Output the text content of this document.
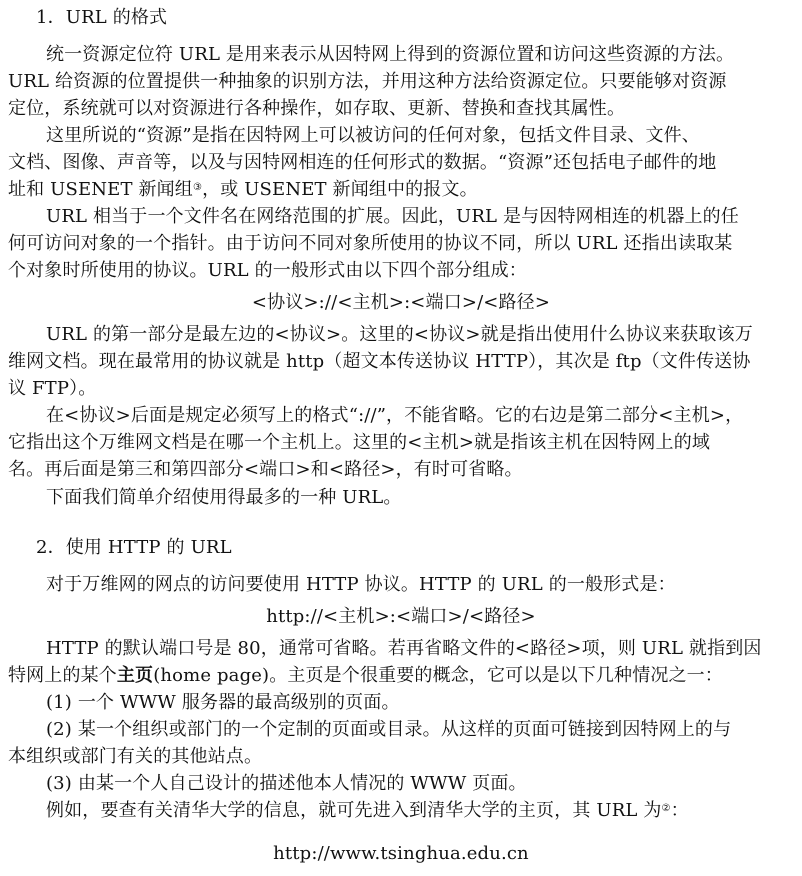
1．URL 的格式
统一资源定位符 URL 是用来表示从因特网上得到的资源位置和访问这些资源的方法。
URL 给资源的位置提供一种抽象的识别方法，并用这种方法给资源定位。只要能够对资源
定位，系统就可以对资源进行各种操作，如存取、更新、替换和查找其属性。
这里所说的“资源”是指在因特网上可以被访问的任何对象，包括文件目录、文件、
文档、图像、声音等，以及与因特网相连的任何形式的数据。“资源”还包括电子邮件的地
址和 USENET 新闻组③，或 USENET 新闻组中的报文。
URL 相当于一个文件名在网络范围的扩展。因此，URL 是与因特网相连的机器上的任
何可访问对象的一个指针。由于访问不同对象所使用的协议不同，所以 URL 还指出读取某
个对象时所使用的协议。URL 的一般形式由以下四个部分组成：
<协议>://<主机>:<端口>/<路径>
URL 的第一部分是最左边的<协议>。这里的<协议>就是指出使用什么协议来获取该万
维网文档。现在最常用的协议就是 http（超文本传送协议 HTTP），其次是 ftp（文件传送协
议 FTP）。
在<协议>后面是规定必须写上的格式“://”，不能省略。它的右边是第二部分<主机>，
它指出这个万维网文档是在哪一个主机上。这里的<主机>就是指该主机在因特网上的域
名。再后面是第三和第四部分<端口>和<路径>，有时可省略。
下面我们简单介绍使用得最多的一种 URL。
2．使用 HTTP 的 URL
对于万维网的网点的访问要使用 HTTP 协议。HTTP 的 URL 的一般形式是：
http://<主机>:<端口>/<路径>
HTTP 的默认端口号是 80，通常可省略。若再省略文件的<路径>项，则 URL 就指到因
特网上的某个主页(home page)。主页是个很重要的概念，它可以是以下几种情况之一：
(1) 一个 WWW 服务器的最高级别的页面。
(2) 某一个组织或部门的一个定制的页面或目录。从这样的页面可链接到因特网上的与
本组织或部门有关的其他站点。
(3) 由某一个人自己设计的描述他本人情况的 WWW 页面。
例如，要查有关清华大学的信息，就可先进入到清华大学的主页，其 URL 为②：
http://www.tsinghua.edu.cn
